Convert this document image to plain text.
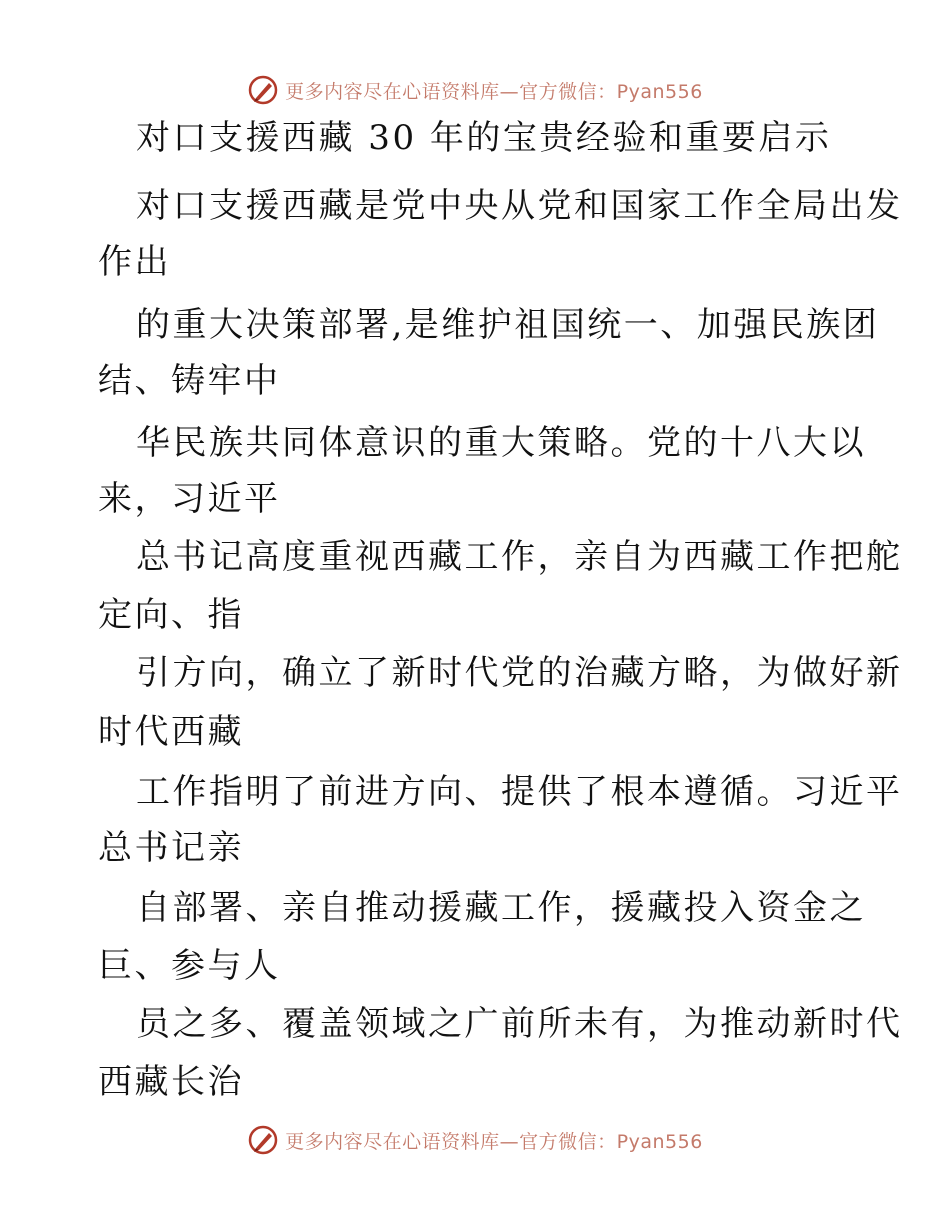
更多内容尽在心语资料库—官方微信：Pyan556
对口支援西藏 30 年的宝贵经验和重要启示
对口支援西藏是党中央从党和国家工作全局出发
作出
的重大决策部署,是维护祖国统一、加强民族团
结、铸牢中
华民族共同体意识的重大策略。党的十八大以
来，习近平
总书记高度重视西藏工作，亲自为西藏工作把舵
定向、指
引方向，确立了新时代党的治藏方略，为做好新
时代西藏
工作指明了前进方向、提供了根本遵循。习近平
总书记亲
自部署、亲自推动援藏工作，援藏投入资金之
巨、参与人
员之多、覆盖领域之广前所未有，为推动新时代
西藏长治
更多内容尽在心语资料库—官方微信：Pyan556
